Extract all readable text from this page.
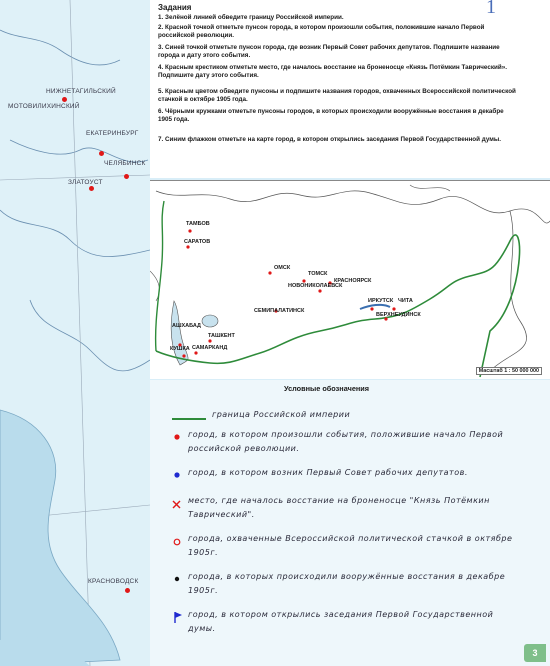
НИЖНЕТАГИЛЬСКИЙ
МОТОВИЛИХИНСКИЙ
ЕКАТЕРИНБУРГ
ЧЕЛЯБИНСК
ЗЛАТОУСТ
КРАСНОВОДСК
Задания	1
1. Зелёной линией обведите границу Российской империи.
2. Красной точкой отметьте пунсон города, в котором произошли события, положившие начало Первой российской революции.
3. Синей точкой отметьте пунсон города, где возник Первый Совет рабочих депутатов. Подпишите название города и дату этого события.
4. Красным крестиком отметьте место, где началось восстание на броненосце «Князь Потёмкин Таврический». Подпишите дату этого события.
5. Красным цветом обведите пунсоны и подпишите названия городов, охваченных Всероссийской политической стачкой в октябре 1905 года.
6. Чёрными кружками отметьте пунсоны городов, в которых происходили вооружённые восстания в декабре 1905 года.
7. Синим флажком отметьте на карте город, в котором открылись заседания Первой Государственной думы.
ТАМБОВ
САРАТОВ
ОМСК
ТОМСК
НОВОНИКОЛАЕВСК
КРАСНОЯРСК
СЕМИПАЛАТИНСК
ИРКУТСК ЧИТА
ВЕРХНЕУДИНСК
АШХАБАД
ТАШКЕНТ
САМАРКАНД
КУШКА
Масштаб 1 : 50 000 000
Условные обозначения
граница Российской империи
город, в котором произошли события, положившие начало Первой российской революции.
город, в котором возник Первый Совет рабочих депутатов.
место, где началось восстание на броненосце "Князь Потёмкин Таврический".
города, охваченные Всероссийской политической стачкой в октябре 1905г.
города, в которых происходили вооружённые восстания в декабре 1905г.
город, в котором открылись заседания Первой Государственной думы.
3
